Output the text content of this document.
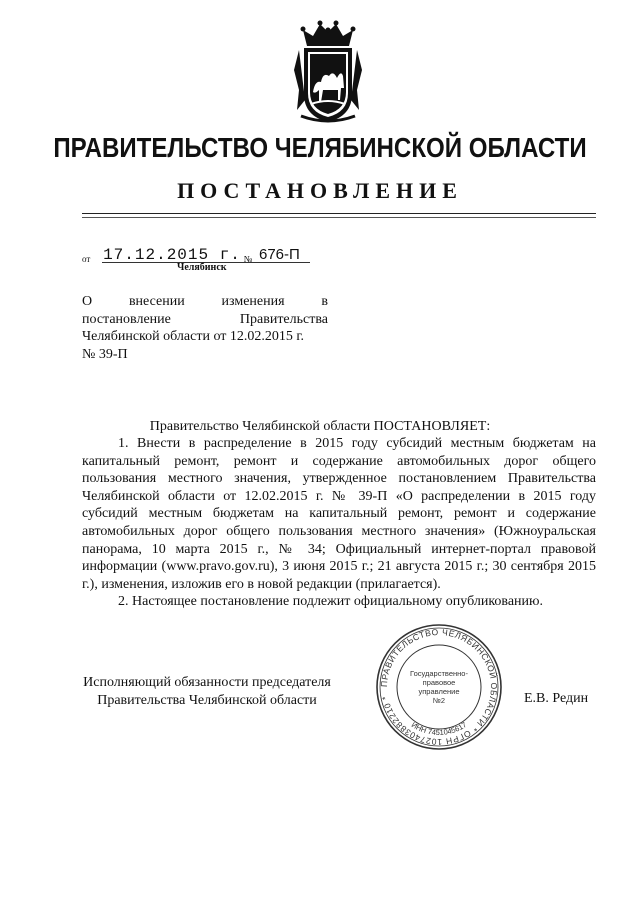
ПРАВИТЕЛЬСТВО ЧЕЛЯБИНСКОЙ ОБЛАСТИ
ПОСТАНОВЛЕНИЕ
от 17.12.2015 г. № 676-П
Челябинск
О внесении изменения в
постановление Правительства
Челябинской области от 12.02.2015 г.
№ 39-П
Правительство Челябинской области ПОСТАНОВЛЯЕТ:

1. Внести в распределение в 2015 году субсидий местным бюджетам на капитальный ремонт, ремонт и содержание автомобильных дорог общего пользования местного значения, утвержденное постановлением Правительства Челябинской области от 12.02.2015 г. № 39-П «О распределении в 2015 году субсидий местным бюджетам на капитальный ремонт, ремонт и содержание автомобильных дорог общего пользования местного значения» (Южноуральская панорама, 10 марта 2015 г., № 34; Официальный интернет-портал правовой информации (www.pravo.gov.ru), 3 июня 2015 г.; 21 августа 2015 г.; 30 сентября 2015 г.), изменения, изложив его в новой редакции (прилагается).

2. Настоящее постановление подлежит официальному опубликованию.

Исполняющий обязанности председателя
Правительства Челябинской области	Е.В. Редин
ПРАВИТЕЛЬСТВО ЧЕЛЯБИНСКОЙ ОБЛАСТИ * ОГРН 1027403882210 *
ИНН 7451045617
Государственно-
правовое
управление
№2
